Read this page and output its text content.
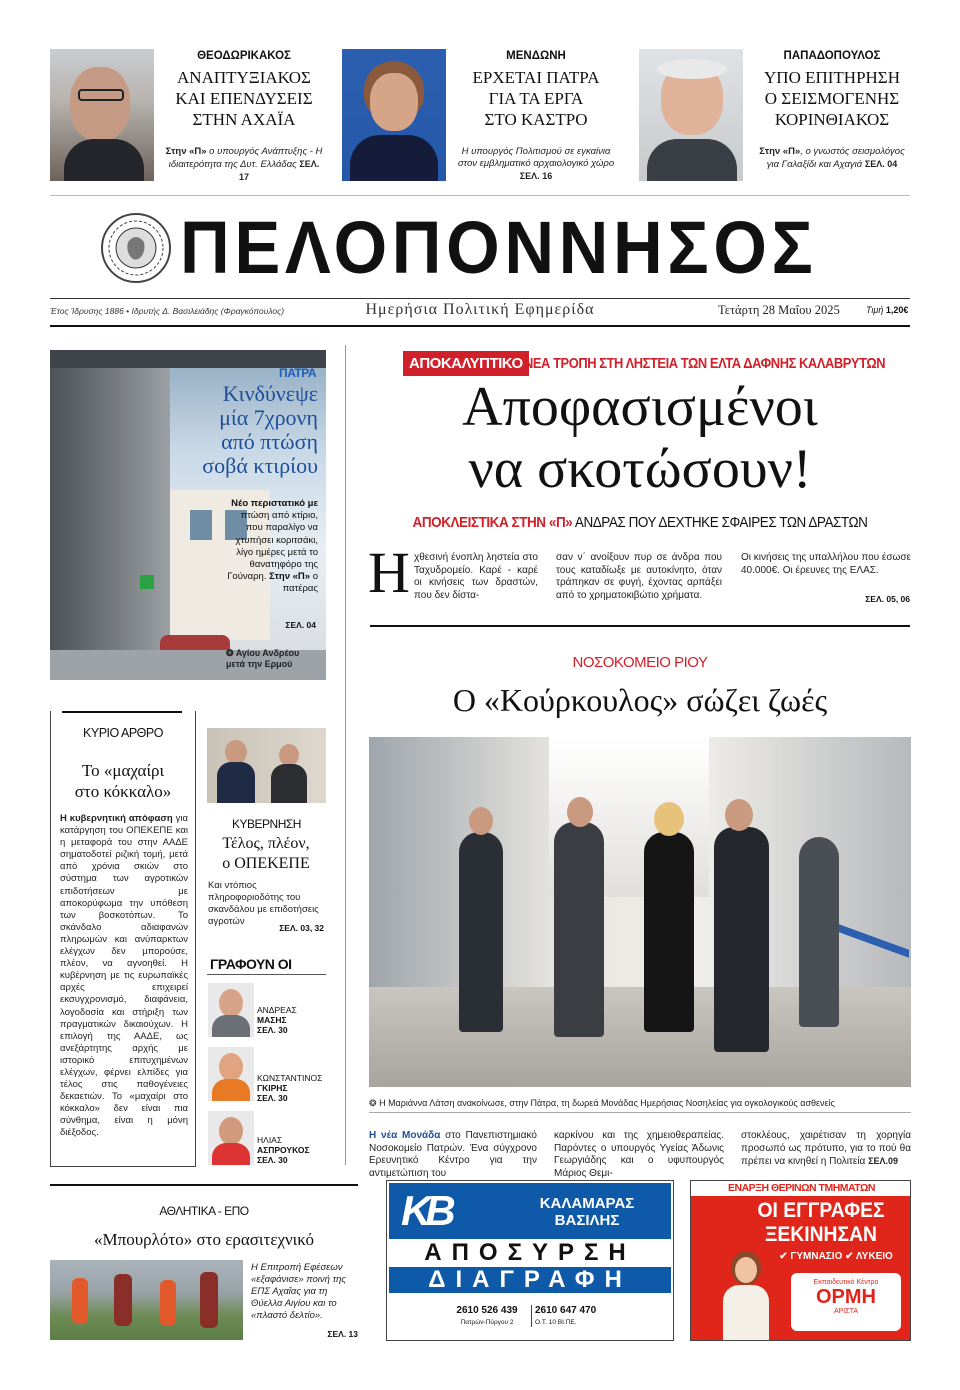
ΘΕΟΔΩΡΙΚΑΚΟΣ
ΑΝΑΠΤΥΞΙΑΚΟΣ
ΚΑΙ ΕΠΕΝΔΥΣΕΙΣ
ΣΤΗΝ ΑΧΑΪΑ
Στην «Π» ο υπουργός Ανάπτυξης - Η ιδιαιτερότητα της Δυτ. Ελλάδας ΣΕΛ. 17
ΜΕΝΔΩΝΗ
ΕΡΧΕΤΑΙ ΠΑΤΡΑ
ΓΙΑ ΤΑ ΕΡΓΑ
ΣΤΟ ΚΑΣΤΡΟ
Η υπουργός Πολιτισμού σε εγκαίνια στον εμβληματικό αρχαιολογικό χώρο ΣΕΛ. 16
ΠΑΠΑΔΟΠΟΥΛΟΣ
ΥΠΟ ΕΠΙΤΗΡΗΣΗ
Ο ΣΕΙΣΜΟΓΕΝΗΣ
ΚΟΡΙΝΘΙΑΚΟΣ
Στην «Π», ο γνωστός σεισμολόγος για Γαλαξίδι και Αχαγιά ΣΕΛ. 04
ΠΕΛΟΠΟΝΝΗΣΟΣ
Έτος Ίδρυσης 1886 • Ιδρυτής Δ. Βασιλειάδης (Φραγκόπουλος)	Ημερήσια Πολιτική Εφημερίδα	Τετάρτη 28 Μαΐου 2025	Τιμή 1,20€
ΠΑΤΡΑ
Κινδύνεψε
μία 7χρονη
από πτώση
σοβά κτιρίου
Νέο περιστατικό με πτώση από κτίριο, που παραλίγο να χτυπήσει κοριτσάκι, λίγο ημέρες μετά το θανατηφόρο της Γούναρη. Στην «Π» ο πατέρας
ΣΕΛ. 04
❂ Αγίου Ανδρέου
μετά την Ερμού
ΑΠΟΚΑΛΥΠΤΙΚΟ ΝΕΑ ΤΡΟΠΗ ΣΤΗ ΛΗΣΤΕΙΑ ΤΩΝ ΕΛΤΑ ΔΑΦΝΗΣ ΚΑΛΑΒΡΥΤΩΝ
Αποφασισμένοι
να σκοτώσουν!
ΑΠΟΚΛΕΙΣΤΙΚΑ ΣΤΗΝ «Π» ΑΝΔΡΑΣ ΠΟΥ ΔΕΧΤΗΚΕ ΣΦΑΙΡΕΣ ΤΩΝ ΔΡΑΣΤΩΝ
Η χθεσινή ένοπλη ληστεία στο Ταχυδρομείο. Καρέ - καρέ οι κινήσεις των δραστών, που δεν δίστα-
σαν ν΄ ανοίξουν πυρ σε άνδρα που τους καταδίωξε με αυτοκίνητο, όταν τράπηκαν σε φυγή, έχοντας αρπάξει από το χρηματοκιβώτιο χρήματα.
Οι κινήσεις της υπαλλήλου που έσωσε 40.000€. Οι έρευνες της ΕΛΑΣ.
ΣΕΛ. 05, 06
ΝΟΣΟΚΟΜΕΙΟ ΡΙΟΥ
Ο «Κούρκουλος» σώζει ζωές
❂ Η Μαριάννα Λάτση ανακοίνωσε, στην Πάτρα, τη δωρεά Μονάδας Ημερήσιας Νοσηλείας για ογκολογικούς ασθενείς
Η νέα Μονάδα στο Πανεπιστημιακό Νοσοκομείο Πατρών. Ένα σύγχρονο Ερευνητικό Κέντρο για την αντιμετώπιση του
καρκίνου και της χημειοθεραπείας. Παρόντες ο υπουργός Υγείας Άδωνις Γεωργιάδης και ο υφυπουργός Μάριος Θεμι-
στοκλέους, χαιρέτισαν τη χορηγία προσωπό ως πρότυπο, για το πού θα πρέπει να κινηθεί η Πολιτεία ΣΕΛ.09
ΚΥΡΙΟ ΑΡΘΡΟ
Το «μαχαίρι
στο κόκκαλο»
Η κυβερνητική απόφαση για κατάργηση του ΟΠΕΚΕΠΕ και η μεταφορά του στην ΑΑΔΕ σηματοδοτεί ριζική τομή, μετά από χρόνια σκιών στο σύστημα των αγροτικών επιδοτήσεων με αποκορύφωμα την υπόθεση των βοσκοτόπων. Το σκάνδαλο αδιαφανών πληρωμών και ανύπαρκτων ελέγχων δεν μπορούσε, πλέον, να αγνοηθεί. Η κυβέρνηση με τις ευρωπαϊκές αρχές επιχειρεί εκσυγχρονισμό, διαφάνεια, λογοδοσία και στήριξη των πραγματικών δικαιούχων. Η επιλογή της ΑΑΔΕ, ως ανεξάρτητης αρχής με ιστορικό επιτυχημένων ελέγχων, φέρνει ελπίδες για τέλος στις παθογένειες δεκαετιών. Το «μαχαίρι στο κόκκαλο» δεν είναι πια σύνθημα, είναι η μόνη διέξοδος.
ΚΥΒΕΡΝΗΣΗ
Τέλος, πλέον,
ο ΟΠΕΚΕΠΕ
Και ντόπιος πληροφοριοδότης του σκανδάλου με επιδοτήσεις αγροτών
ΣΕΛ. 03, 32
ΓΡΑΦΟΥΝ ΟΙ
ΑΝΔΡΕΑΣ
ΜΑΣΗΣ
ΣΕΛ. 30
ΚΩΝΣΤΑΝΤΙΝΟΣ
ΓΚΙΡΗΣ
ΣΕΛ. 30
ΗΛΙΑΣ
ΑΣΠΡΟΥΚΟΣ
ΣΕΛ. 30
ΑΘΛΗΤΙΚΑ - ΕΠΟ
«Μπουρλότο» στο ερασιτεχνικό
Η Επιτροπή Εφέσεων «εξαφάνισε» ποινή της ΕΠΣ Αχαΐας για τη Θύελλα Αιγίου και το «πλαστό δελτίο».
ΣΕΛ. 13
KB	ΚΑΛΑΜΑΡΑΣ
ΒΑΣΙΛΗΣ
ΑΠΟΣΥΡΣΗ
ΔΙΑΓΡΑΦΗ
2610 526 439
Πατρών-Πύργου 2
2610 647 470
Ο.Τ. 10 ΒΙ.ΠΕ.
ΕΝΑΡΞΗ ΘΕΡΙΝΩΝ ΤΜΗΜΑΤΩΝ
ΟΙ ΕΓΓΡΑΦΕΣ
ΞΕΚΙΝΗΣΑΝ
✔ ΓΥΜΝΑΣΙΟ ✔ ΛΥΚΕΙΟ
Εκπαιδευτικό Κέντρο
ΟΡΜΗ
ΑΡΙΣΤΑ
